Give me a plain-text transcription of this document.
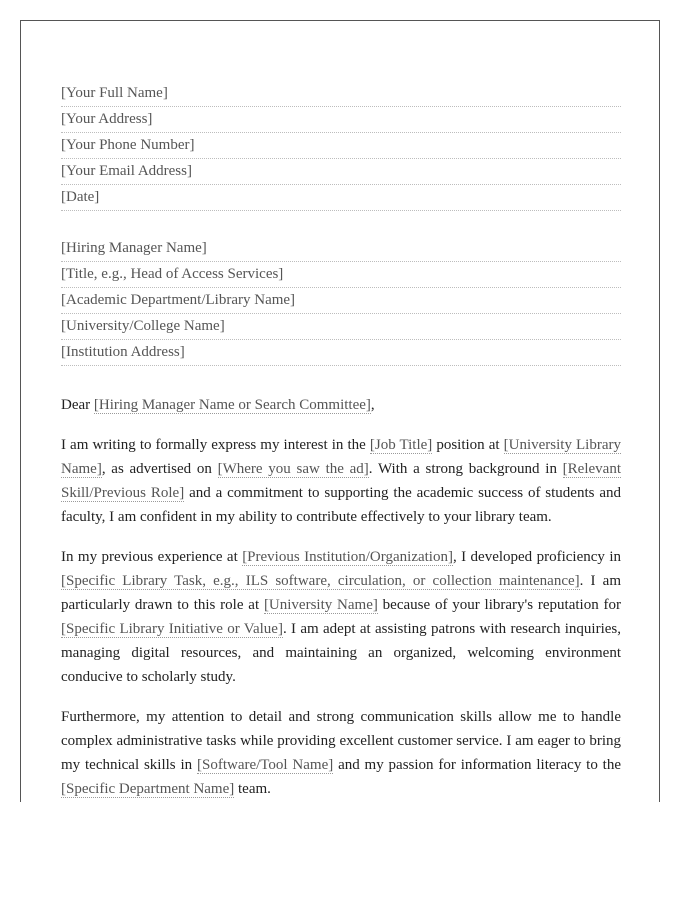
[Your Full Name]
[Your Address]
[Your Phone Number]
[Your Email Address]
[Date]
[Hiring Manager Name]
[Title, e.g., Head of Access Services]
[Academic Department/Library Name]
[University/College Name]
[Institution Address]
Dear [Hiring Manager Name or Search Committee],

I am writing to formally express my interest in the [Job Title] position at [University Library Name], as advertised on [Where you saw the ad]. With a strong background in [Relevant Skill/Previous Role] and a commitment to supporting the academic success of students and faculty, I am confident in my ability to contribute effectively to your library team.

In my previous experience at [Previous Institution/Organization], I developed proficiency in [Specific Library Task, e.g., ILS software, circulation, or collection maintenance]. I am particularly drawn to this role at [University Name] because of your library's reputation for [Specific Library Initiative or Value]. I am adept at assisting patrons with research inquiries, managing digital resources, and maintaining an organized, welcoming environment conducive to scholarly study.

Furthermore, my attention to detail and strong communication skills allow me to handle complex administrative tasks while providing excellent customer service. I am eager to bring my technical skills in [Software/Tool Name] and my passion for information literacy to the [Specific Department Name] team.
